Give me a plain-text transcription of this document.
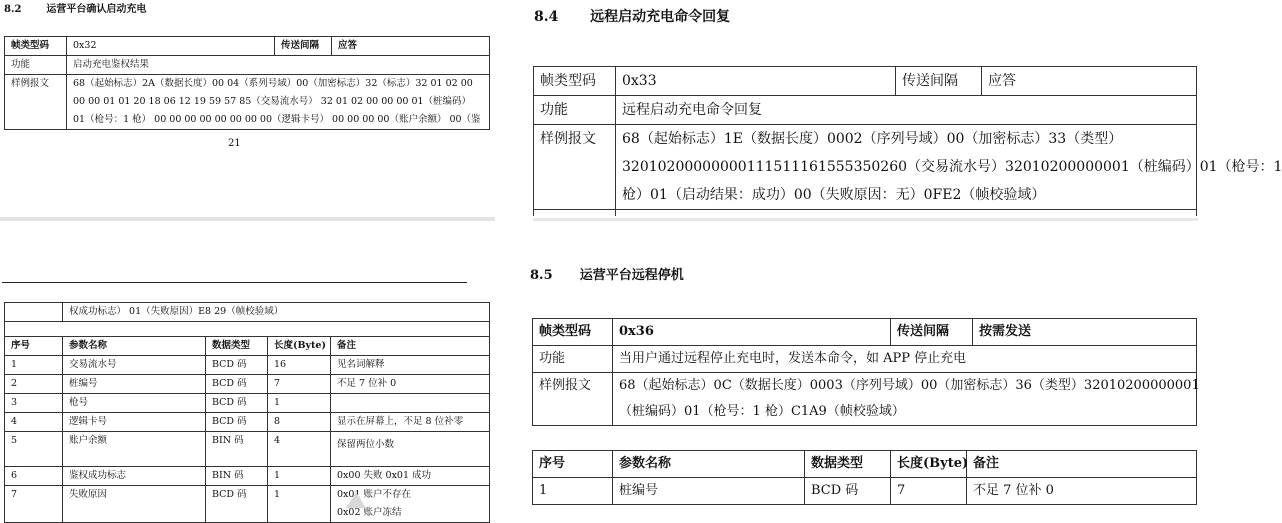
8.2 运营平台确认启动充电
帧类型码	0x32	传送间隔	应答
功能	启动充电鉴权结果		
样例报文	68（起始标志）2A（数据长度）00 04（系列号域）00（加密标志）32（标志）32 01 02 00
00 00 01 01 20 18 06 12 19 59 57 85（交易流水号） 32 01 02 00 00 00 01（桩编码）
01（枪号：1 枪） 00 00 00 00 00 00 00 00（逻辑卡号） 00 00 00 00（账户余额） 00（鉴		
21
	权成功标志） 01（失败原因）E8 29（帧校验域）			

序号	参数名称	数据类型	长度(Byte)	备注
1	交易流水号	BCD 码	16	见名词解释
2	桩编号	BCD 码	7	不足 7 位补 0
3	枪号	BCD 码	1	
4	逻辑卡号	BCD 码	8	显示在屏幕上，不足 8 位补零
5	账户余额	BIN 码	4	保留两位小数
6	鉴权成功标志	BIN 码	1	0x00 失败 0x01 成功
7	失败原因	BCD 码	1	0x01 账户不存在
0x02 账户冻结
8.4 远程启动充电命令回复
帧类型码	0x33	传送间隔	应答
功能	远程启动充电命令回复		
样例报文	68（起始标志）1E（数据长度）0002（序列号域）00（加密标志）33（类型）
32010200000000111511161555350260（交易流水号）32010200000001（桩编码）01（枪号：1
枪）01（启动结果：成功）00（失败原因：无）0FE2（帧校验域）		

8.5 运营平台远程停机
帧类型码	0x36	传送间隔	按需发送
功能	当用户通过远程停止充电时，发送本命令，如 APP 停止充电		
样例报文	68（起始标志）0C（数据长度）0003（序列号域）00（加密标志）36（类型）32010200000001
（桩编码）01（枪号：1 枪）C1A9（帧校验域）		
序号	参数名称	数据类型	长度(Byte)	备注
1	桩编号	BCD 码	7	不足 7 位补 0
